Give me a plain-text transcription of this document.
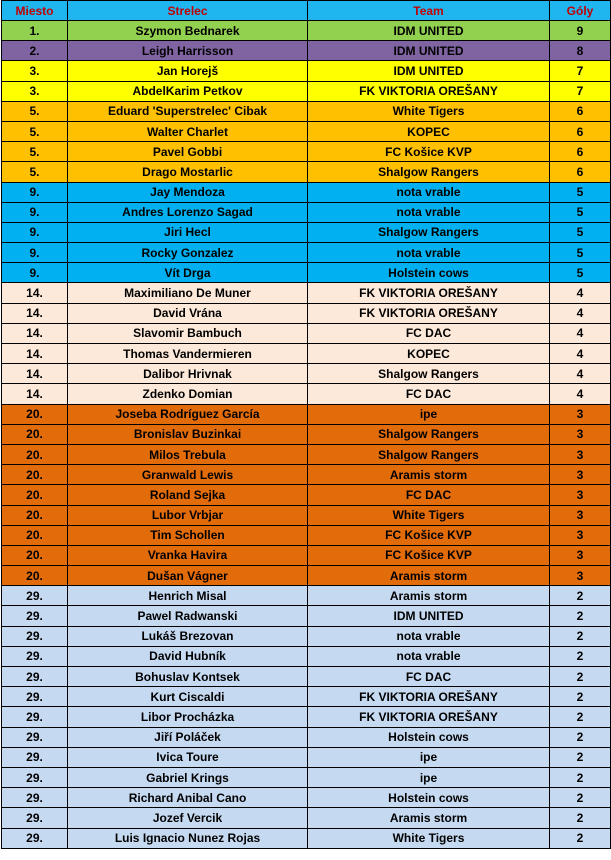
Miesto	Strelec	Team	Góly
1.	Szymon Bednarek	IDM UNITED	9
2.	Leigh Harrisson	IDM UNITED	8
3.	Jan Horejš	IDM UNITED	7
3.	AbdelKarim Petkov	FK VIKTORIA OREŠANY	7
5.	Eduard 'Superstrelec' Cibak	White Tigers	6
5.	Walter Charlet	KOPEC	6
5.	Pavel Gobbi	FC Košice KVP	6
5.	Drago Mostarlic	Shalgow Rangers	6
9.	Jay Mendoza	nota vrable	5
9.	Andres Lorenzo Sagad	nota vrable	5
9.	Jiri Hecl	Shalgow Rangers	5
9.	Rocky Gonzalez	nota vrable	5
9.	Vít Drga	Holstein cows	5
14.	Maximiliano De Muner	FK VIKTORIA OREŠANY	4
14.	David Vrána	FK VIKTORIA OREŠANY	4
14.	Slavomir Bambuch	FC DAC	4
14.	Thomas Vandermieren	KOPEC	4
14.	Dalibor Hrivnak	Shalgow Rangers	4
14.	Zdenko Domian	FC DAC	4
20.	Joseba Rodríguez García	ipe	3
20.	Bronislav Buzinkai	Shalgow Rangers	3
20.	Milos Trebula	Shalgow Rangers	3
20.	Granwald Lewis	Aramis storm	3
20.	Roland Sejka	FC DAC	3
20.	Lubor Vrbjar	White Tigers	3
20.	Tim Schollen	FC Košice KVP	3
20.	Vranka Havira	FC Košice KVP	3
20.	Dušan Vágner	Aramis storm	3
29.	Henrich Misal	Aramis storm	2
29.	Pawel Radwanski	IDM UNITED	2
29.	Lukáš Brezovan	nota vrable	2
29.	David Hubník	nota vrable	2
29.	Bohuslav Kontsek	FC DAC	2
29.	Kurt Ciscaldi	FK VIKTORIA OREŠANY	2
29.	Libor Procházka	FK VIKTORIA OREŠANY	2
29.	Jiří Poláček	Holstein cows	2
29.	Ivica Toure	ipe	2
29.	Gabriel Krings	ipe	2
29.	Richard Anibal Cano	Holstein cows	2
29.	Jozef Vercik	Aramis storm	2
29.	Luis Ignacio Nunez Rojas	White Tigers	2
